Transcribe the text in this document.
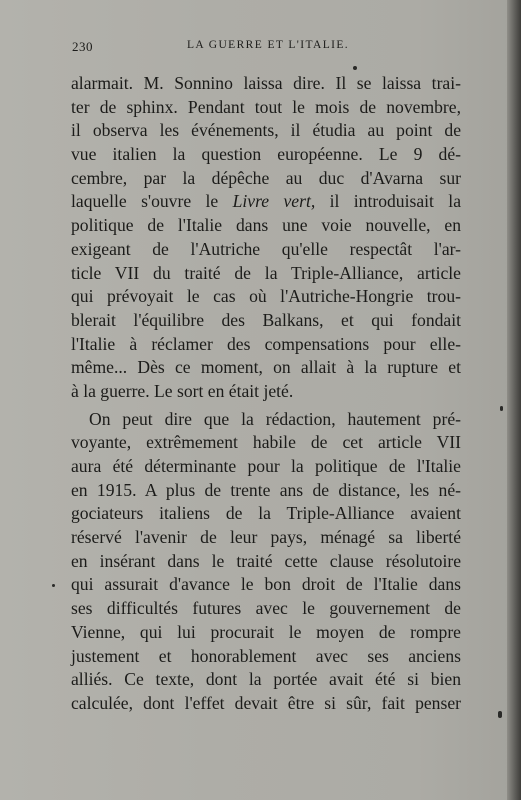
230	LA GUERRE ET L'ITALIE.
alarmait. M. Sonnino laissa dire. Il se laissa trai-
ter de sphinx. Pendant tout le mois de novembre,
il observa les événements, il étudia au point de
vue italien la question européenne. Le 9 dé-
cembre, par la dépêche au duc d'Avarna sur
laquelle s'ouvre le Livre vert, il introduisait la
politique de l'Italie dans une voie nouvelle, en
exigeant de l'Autriche qu'elle respectât l'ar-
ticle VII du traité de la Triple-Alliance, article
qui prévoyait le cas où l'Autriche-Hongrie trou-
blerait l'équilibre des Balkans, et qui fondait
l'Italie à réclamer des compensations pour elle-
même... Dès ce moment, on allait à la rupture et
à la guerre. Le sort en était jeté.
On peut dire que la rédaction, hautement pré-
voyante, extrêmement habile de cet article VII
aura été déterminante pour la politique de l'Italie
en 1915. A plus de trente ans de distance, les né-
gociateurs italiens de la Triple-Alliance avaient
réservé l'avenir de leur pays, ménagé sa liberté
en insérant dans le traité cette clause résolutoire
qui assurait d'avance le bon droit de l'Italie dans
ses difficultés futures avec le gouvernement de
Vienne, qui lui procurait le moyen de rompre
justement et honorablement avec ses anciens
alliés. Ce texte, dont la portée avait été si bien
calculée, dont l'effet devait être si sûr, fait penser
